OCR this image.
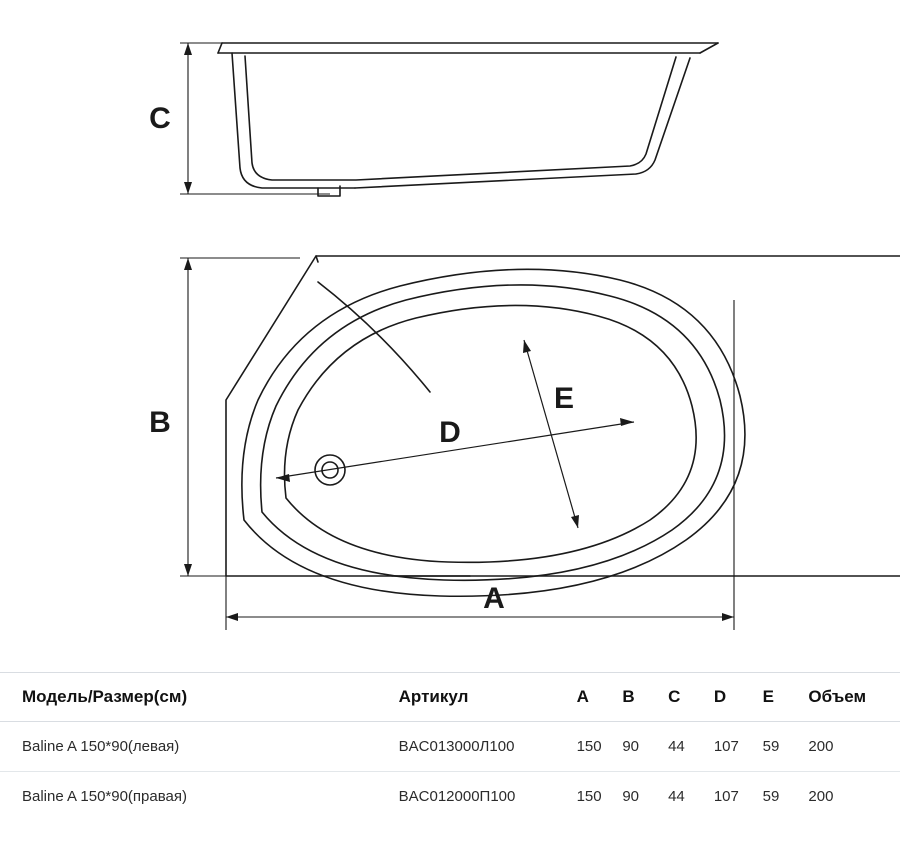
C
B
A
D
E
Модель/Размер(см)	Артикул	A	B	C	D	E	Объем
Baline A 150*90(левая)	BAC013000Л100	150	90	44	107	59	200
Baline A 150*90(правая)	BAC012000П100	150	90	44	107	59	200
